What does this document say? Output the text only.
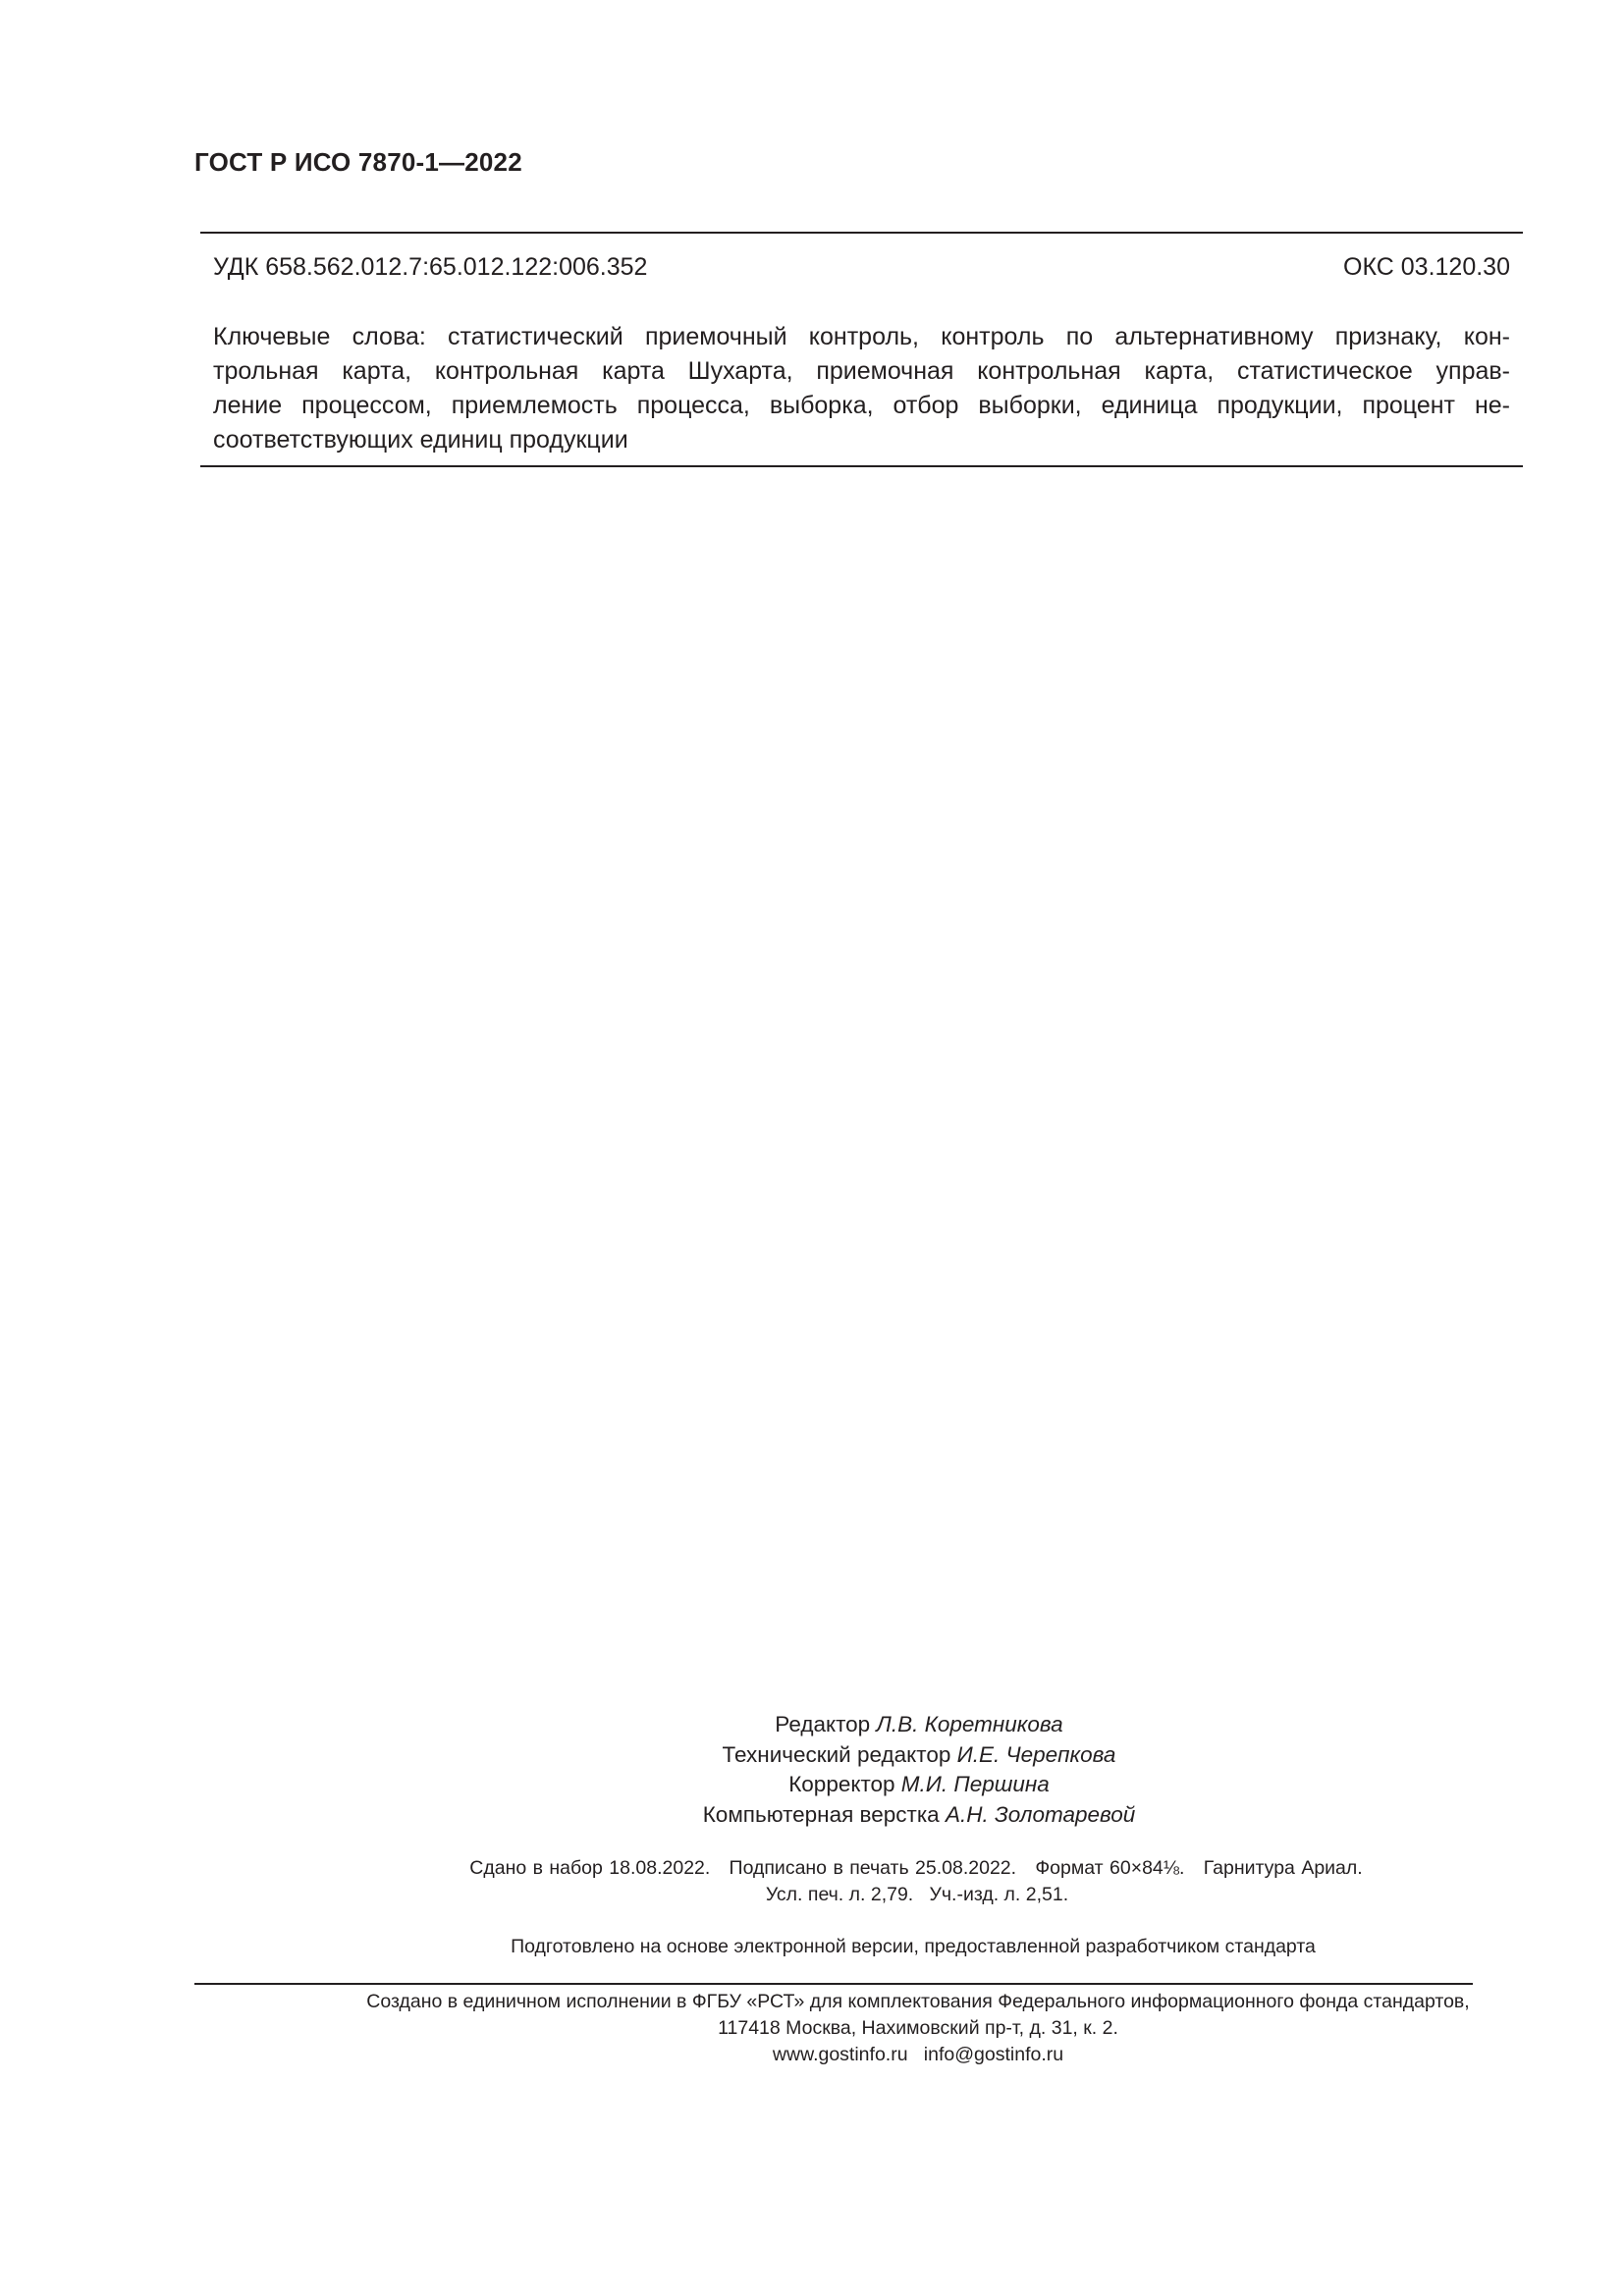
ГОСТ Р ИСО 7870-1—2022
УДК 658.562.012.7:65.012.122:006.352	ОКС 03.120.30
Ключевые слова: статистический приемочный контроль, контроль по альтернативному признаку, кон-
трольная карта, контрольная карта Шухарта, приемочная контрольная карта, статистическое управ-
ление процессом, приемлемость процесса, выборка, отбор выборки, единица продукции, процент не-
соответствующих единиц продукции
Редактор Л.В. Коретникова
Технический редактор И.Е. Черепкова
Корректор М.И. Першина
Компьютерная верстка А.Н. Золотаревой
Сдано в набор 18.08.2022.   Подписано в печать 25.08.2022.   Формат 60×84⅛.   Гарнитура Ариал.
Усл. печ. л. 2,79.   Уч.-изд. л. 2,51.
Подготовлено на основе электронной версии, предоставленной разработчиком стандарта
Создано в единичном исполнении в ФГБУ «РСТ» для комплектования Федерального информационного фонда стандартов,
117418 Москва, Нахимовский пр-т, д. 31, к. 2.
www.gostinfo.ru   info@gostinfo.ru
